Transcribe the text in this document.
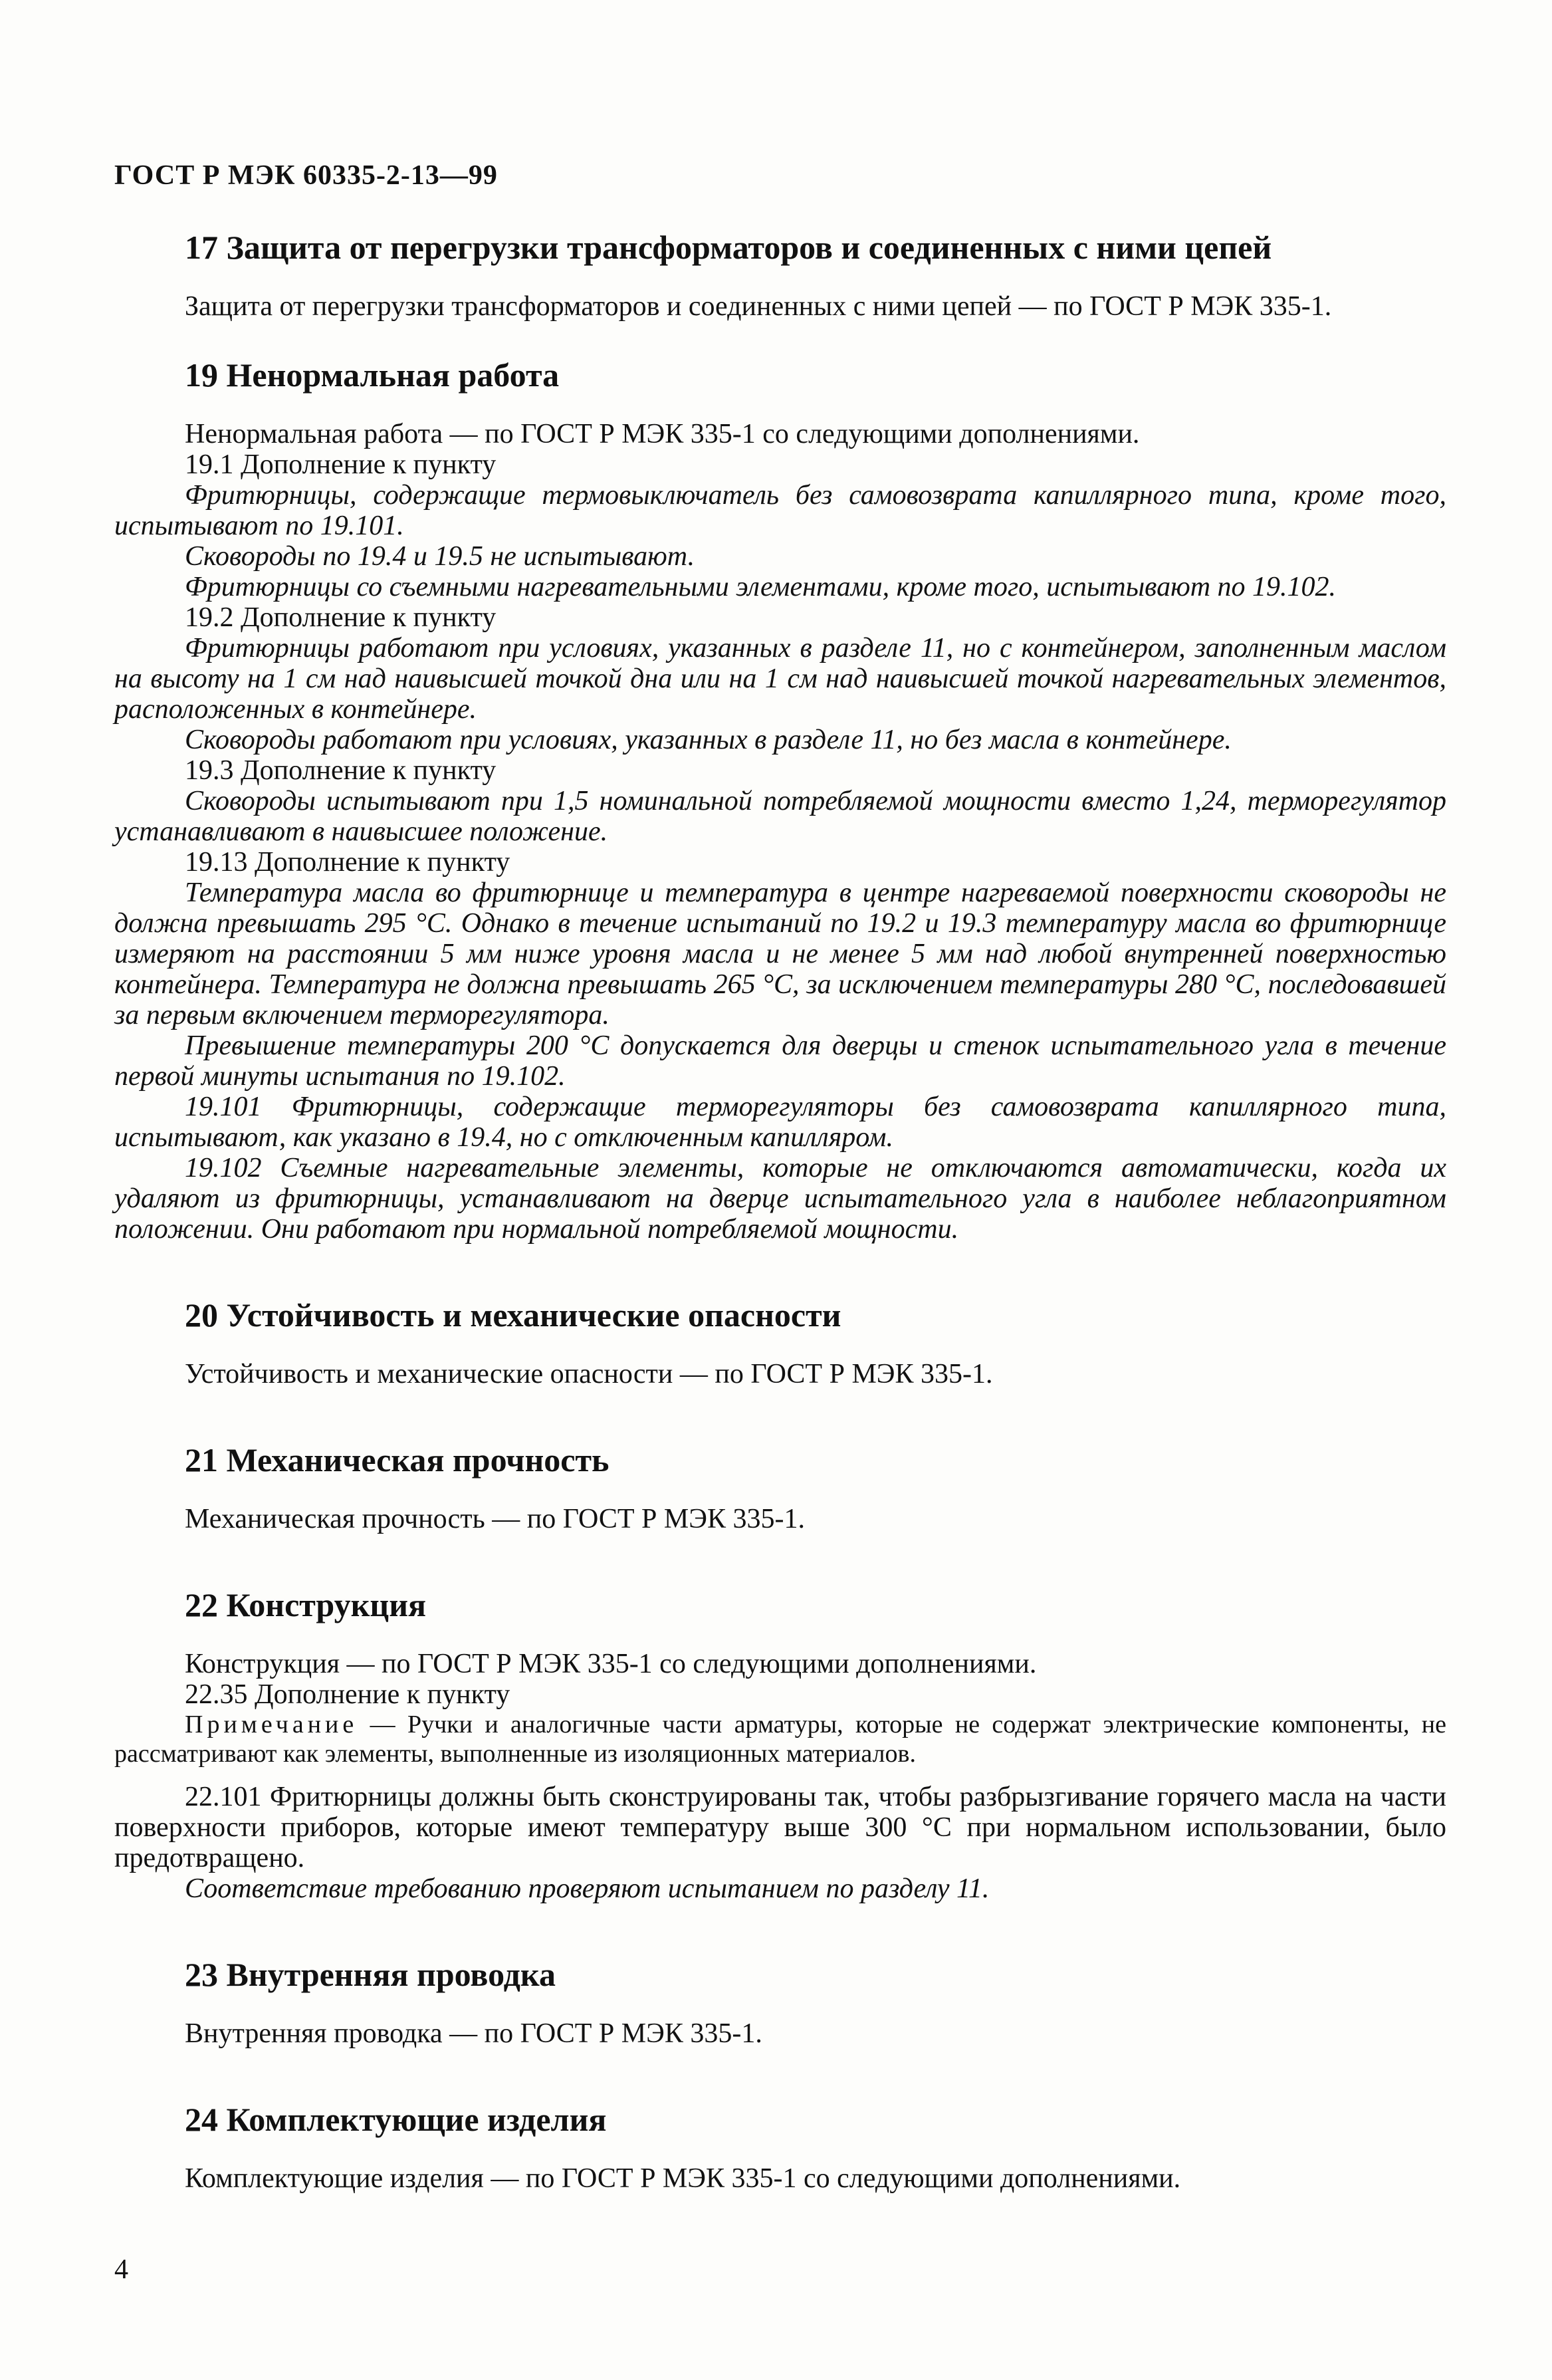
ГОСТ Р МЭК 60335-2-13—99
17 Защита от перегрузки трансформаторов и соединенных с ними цепей

Защита от перегрузки трансформаторов и соединенных с ними цепей — по ГОСТ Р МЭК 335-1.

19 Ненормальная работа

Ненормальная работа — по ГОСТ Р МЭК 335-1 со следующими дополнениями.

19.1 Дополнение к пункту

Фритюрницы, содержащие термовыключатель без самовозврата капиллярного типа, кроме того, испытывают по 19.101.

Сковороды по 19.4 и 19.5 не испытывают.

Фритюрницы со съемными нагревательными элементами, кроме того, испытывают по 19.102.

19.2 Дополнение к пункту

Фритюрницы работают при условиях, указанных в разделе 11, но с контейнером, заполненным маслом на высоту на 1 см над наивысшей точкой дна или на 1 см над наивысшей точкой нагревательных элементов, расположенных в контейнере.

Сковороды работают при условиях, указанных в разделе 11, но без масла в контейнере.

19.3 Дополнение к пункту

Сковороды испытывают при 1,5 номинальной потребляемой мощности вместо 1,24, терморегулятор устанавливают в наивысшее положение.

19.13 Дополнение к пункту

Температура масла во фритюрнице и температура в центре нагреваемой поверхности сковороды не должна превышать 295 °С. Однако в течение испытаний по 19.2 и 19.3 температуру масла во фритюрнице измеряют на расстоянии 5 мм ниже уровня масла и не менее 5 мм над любой внутренней поверхностью контейнера. Температура не должна превышать 265 °С, за исключением температуры 280 °С, последовавшей за первым включением терморегулятора.

Превышение температуры 200 °С допускается для дверцы и стенок испытательного угла в течение первой минуты испытания по 19.102.

19.101 Фритюрницы, содержащие терморегуляторы без самовозврата капиллярного типа, испытывают, как указано в 19.4, но с отключенным капилляром.

19.102 Съемные нагревательные элементы, которые не отключаются автоматически, когда их удаляют из фритюрницы, устанавливают на дверце испытательного угла в наиболее неблагоприятном положении. Они работают при нормальной потребляемой мощности.

20 Устойчивость и механические опасности

Устойчивость и механические опасности — по ГОСТ Р МЭК 335-1.

21 Механическая прочность

Механическая прочность — по ГОСТ Р МЭК 335-1.

22 Конструкция

Конструкция — по ГОСТ Р МЭК 335-1 со следующими дополнениями.

22.35 Дополнение к пункту

Примечание — Ручки и аналогичные части арматуры, которые не содержат электрические компоненты, не рассматривают как элементы, выполненные из изоляционных материалов.

22.101 Фритюрницы должны быть сконструированы так, чтобы разбрызгивание горячего масла на части поверхности приборов, которые имеют температуру выше 300 °С при нормальном использовании, было предотвращено.

Соответствие требованию проверяют испытанием по разделу 11.

23 Внутренняя проводка

Внутренняя проводка — по ГОСТ Р МЭК 335-1.

24 Комплектующие изделия

Комплектующие изделия — по ГОСТ Р МЭК 335-1 со следующими дополнениями.

4
